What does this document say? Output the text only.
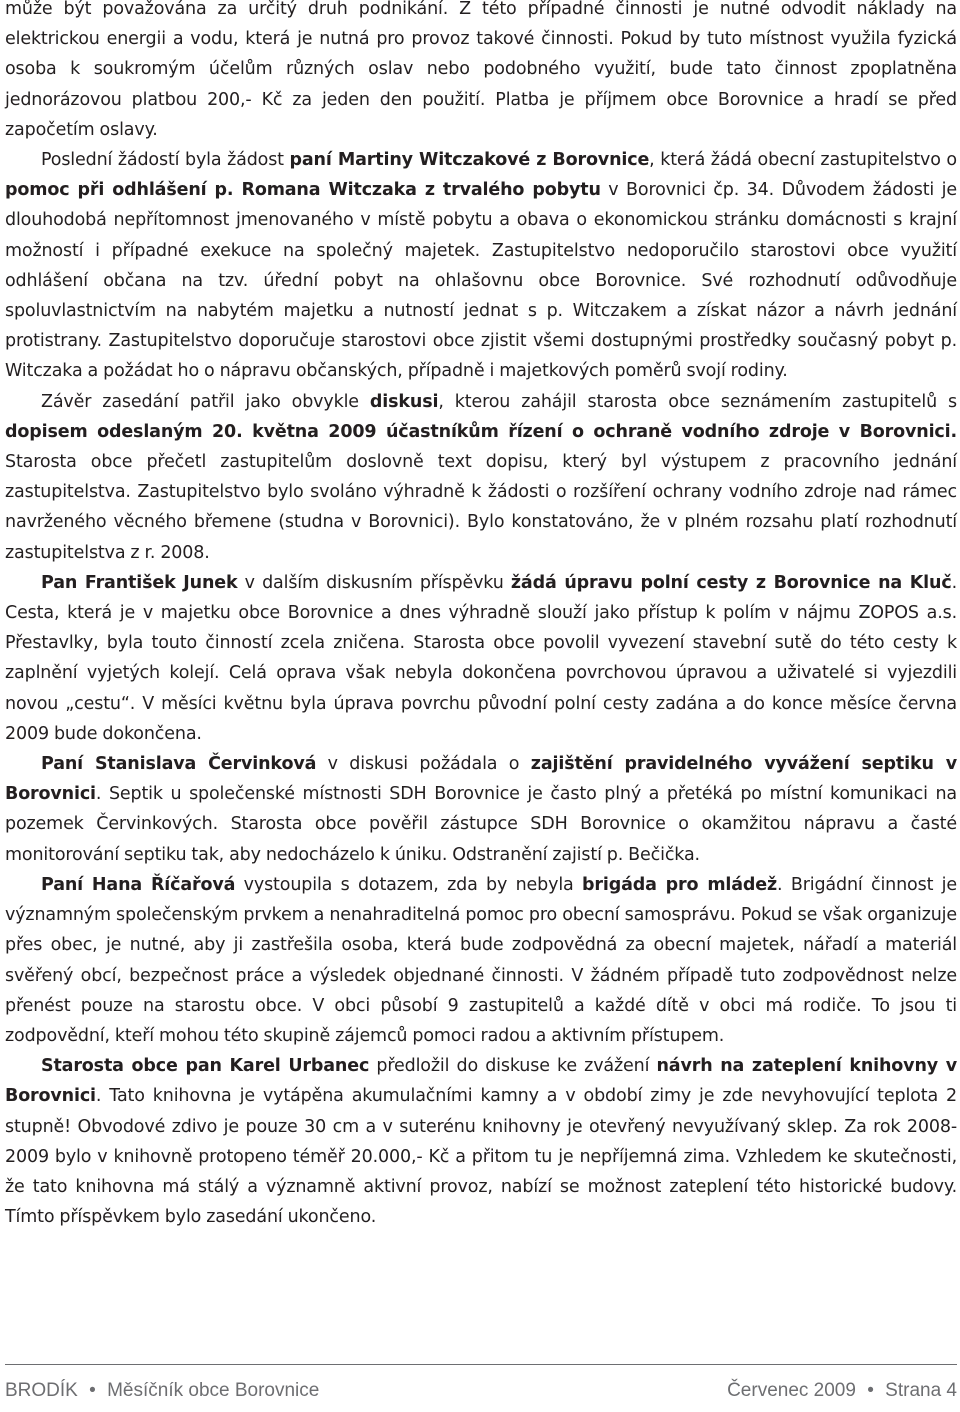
může být považována za určitý druh podnikání. Z této případné činnosti je nutné odvodit náklady na elektrickou energii a vodu, která je nutná pro provoz takové činnosti. Pokud by tuto místnost využila fyzická osoba k soukromým účelům různých oslav nebo podobného využití, bude tato činnost zpoplatněna jednorázovou platbou 200,- Kč za jeden den použití. Platba je příjmem obce Borovnice a hradí se před započetím oslavy.

Poslední žádostí byla žádost paní Martiny Witczakové z Borovnice, která žádá obecní zastupitelstvo o pomoc při odhlášení p. Romana Witczaka z trvalého pobytu v Borovnici čp. 34. Důvodem žádosti je dlouhodobá nepřítomnost jmenovaného v místě pobytu a obava o ekonomickou stránku domácnosti s krajní možností i případné exekuce na společný majetek. Zastupitelstvo nedoporučilo starostovi obce využití odhlášení občana na tzv. úřední pobyt na ohlašovnu obce Borovnice. Své rozhodnutí odůvodňuje spoluvlastnictvím na nabytém majetku a nutností jednat s p. Witczakem a získat názor a návrh jednání protistrany. Zastupitelstvo doporučuje starostovi obce zjistit všemi dostupnými prostředky současný pobyt p. Witczaka a požádat ho o nápravu občanských, případně i majetkových poměrů svojí rodiny.

Závěr zasedání patřil jako obvykle diskusi, kterou zahájil starosta obce seznámením zastupitelů s dopisem odeslaným 20. května 2009 účastníkům řízení o ochraně vodního zdroje v Borovnici. Starosta obce přečetl zastupitelům doslovně text dopisu, který byl výstupem z pracovního jednání zastupitelstva. Zastupitelstvo bylo svoláno výhradně k žádosti o rozšíření ochrany vodního zdroje nad rámec navrženého věcného břemene (studna v Borovnici). Bylo konstatováno, že v plném rozsahu platí rozhodnutí zastupitelstva z r. 2008.

Pan František Junek v dalším diskusním příspěvku žádá úpravu polní cesty z Borovnice na Kluč. Cesta, která je v majetku obce Borovnice a dnes výhradně slouží jako přístup k polím v nájmu ZOPOS a.s. Přestavlky, byla touto činností zcela zničena. Starosta obce povolil vyvezení stavební sutě do této cesty k zaplnění vyjetých kolejí. Celá oprava však nebyla dokončena povrchovou úpravou a uživatelé si vyjezdili novou „cestu“. V měsíci květnu byla úprava povrchu původní polní cesty zadána a do konce měsíce června 2009 bude dokončena.

Paní Stanislava Červinková v diskusi požádala o zajištění pravidelného vyvážení septiku v Borovnici. Septik u společenské místnosti SDH Borovnice je často plný a přetéká po místní komunikaci na pozemek Červinkových. Starosta obce pověřil zástupce SDH Borovnice o okamžitou nápravu a časté monitorování septiku tak, aby nedocházelo k úniku. Odstranění zajistí p. Bečička.

Paní Hana Říčařová vystoupila s dotazem, zda by nebyla brigáda pro mládež. Brigádní činnost je významným společenským prvkem a nenahraditelná pomoc pro obecní samosprávu. Pokud se však organizuje přes obec, je nutné, aby ji zastřešila osoba, která bude zodpovědná za obecní majetek, nářadí a materiál svěřený obcí, bezpečnost práce a výsledek objednané činnosti. V žádném případě tuto zodpovědnost nelze přenést pouze na starostu obce. V obci působí 9 zastupitelů a každé dítě v obci má rodiče. To jsou ti zodpovědní, kteří mohou této skupině zájemců pomoci radou a aktivním přístupem.

Starosta obce pan Karel Urbanec předložil do diskuse ke zvážení návrh na zateplení knihovny v Borovnici. Tato knihovna je vytápěna akumulačními kamny a v období zimy je zde nevyhovující teplota 2 stupně! Obvodové zdivo je pouze 30 cm a v suterénu knihovny je otevřený nevyužívaný sklep. Za rok 2008-2009 bylo v knihovně protopeno téměř 20.000,- Kč a přitom tu je nepříjemná zima. Vzhledem ke skutečnosti, že tato knihovna má stálý a významně aktivní provoz, nabízí se možnost zateplení této historické budovy. Tímto příspěvkem bylo zasedání ukončeno.

BRODÍK • Měsíčník obce Borovnice	Červenec 2009 • Strana 4
